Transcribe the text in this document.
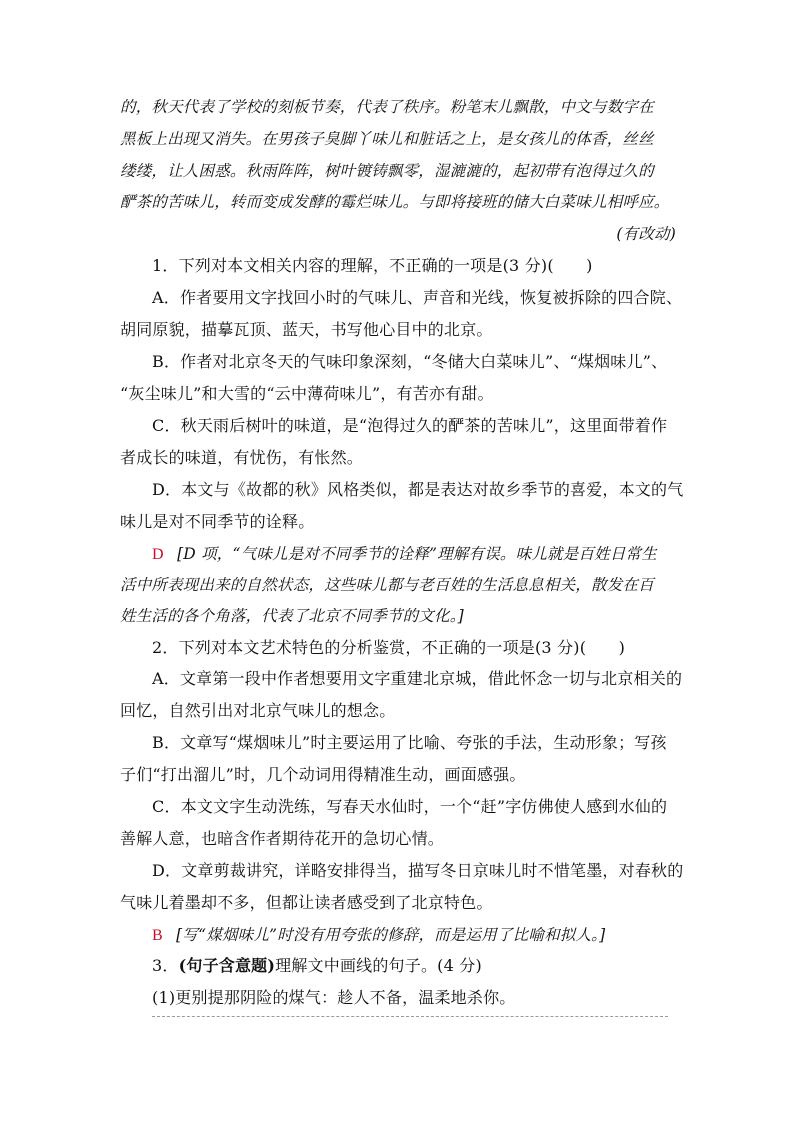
的，秋天代表了学校的刻板节奏，代表了秩序。粉笔末儿飘散，中文与数字在
黑板上出现又消失。在男孩子臭脚丫味儿和脏话之上，是女孩儿的体香，丝丝
缕缕，让人困惑。秋雨阵阵，树叶镀铸飘零，湿漉漉的，起初带有泡得过久的
酽茶的苦味儿，转而变成发酵的霉烂味儿。与即将接班的储大白菜味儿相呼应。
(有改动)
1．下列对本文相关内容的理解，不正确的一项是(3 分)(　　)
A．作者要用文字找回小时的气味儿、声音和光线，恢复被拆除的四合院、
胡同原貌，描摹瓦顶、蓝天，书写他心目中的北京。
B．作者对北京冬天的气味印象深刻，“冬储大白菜味儿”、“煤烟味儿”、
“灰尘味儿”和大雪的“云中薄荷味儿”，有苦亦有甜。
C．秋天雨后树叶的味道，是“泡得过久的酽茶的苦味儿”，这里面带着作
者成长的味道，有忧伤，有怅然。
D．本文与《故都的秋》风格类似，都是表达对故乡季节的喜爱，本文的气
味儿是对不同季节的诠释。
D [D 项，“气味儿是对不同季节的诠释”理解有误。味儿就是百姓日常生
活中所表现出来的自然状态，这些味儿都与老百姓的生活息息相关，散发在百
姓生活的各个角落，代表了北京不同季节的文化。]
2．下列对本文艺术特色的分析鉴赏，不正确的一项是(3 分)(　　)
A．文章第一段中作者想要用文字重建北京城，借此怀念一切与北京相关的
回忆，自然引出对北京气味儿的想念。
B．文章写“煤烟味儿”时主要运用了比喻、夸张的手法，生动形象；写孩
子们“打出溜儿”时，几个动词用得精准生动，画面感强。
C．本文文字生动洗练，写春天水仙时，一个“赶”字仿佛使人感到水仙的
善解人意，也暗含作者期待花开的急切心情。
D．文章剪裁讲究，详略安排得当，描写冬日京味儿时不惜笔墨，对春秋的
气味儿着墨却不多，但都让读者感受到了北京特色。
B [写“煤烟味儿”时没有用夸张的修辞，而是运用了比喻和拟人。]
3．(句子含意题)理解文中画线的句子。(4 分)
(1)更别提那阴险的煤气：趁人不备，温柔地杀你。
